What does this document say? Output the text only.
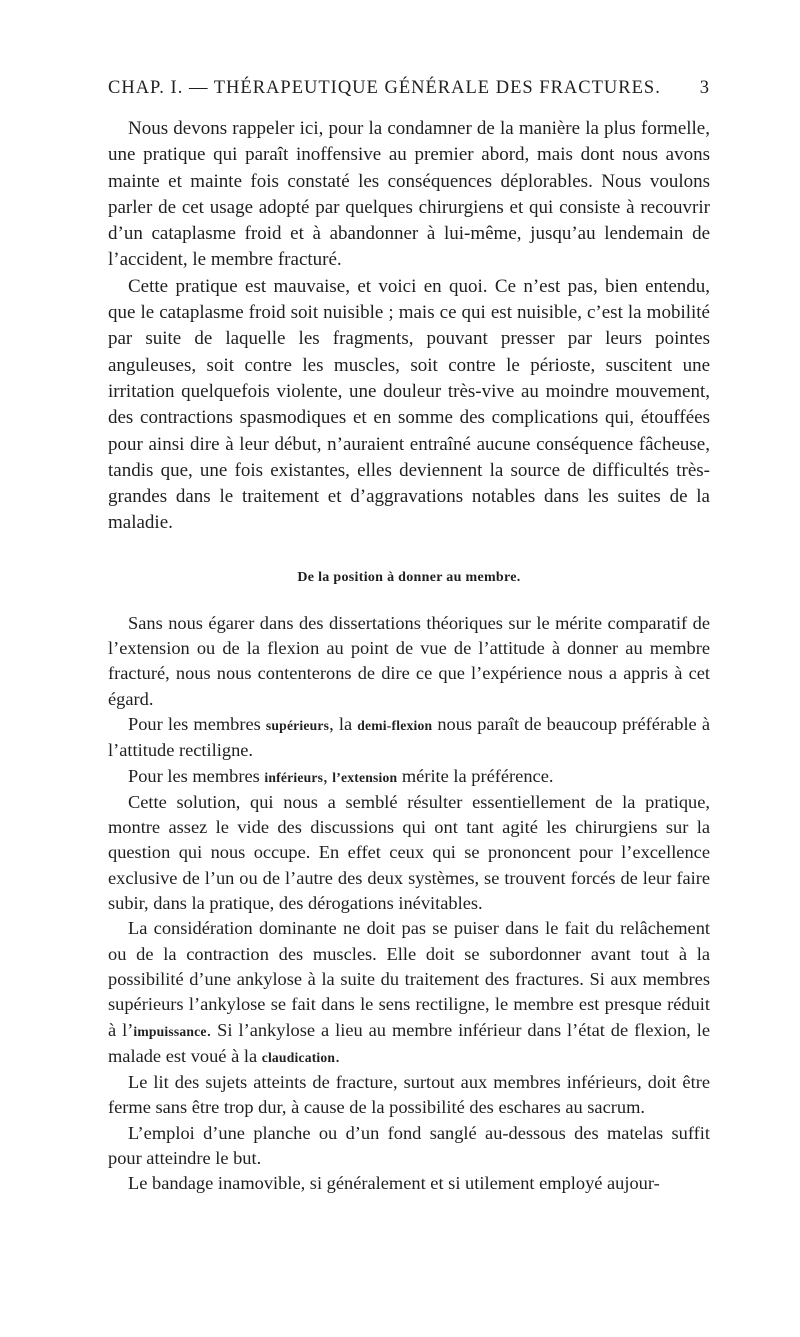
CHAP. I. — THÉRAPEUTIQUE GÉNÉRALE DES FRACTURES. 3

Nous devons rappeler ici, pour la condamner de la manière la plus formelle, une pratique qui paraît inoffensive au premier abord, mais dont nous avons mainte et mainte fois constaté les conséquences déplorables. Nous voulons parler de cet usage adopté par quelques chirurgiens et qui consiste à recouvrir d’un cataplasme froid et à abandonner à lui-même, jusqu’au lendemain de l’accident, le membre fracturé.

Cette pratique est mauvaise, et voici en quoi. Ce n’est pas, bien entendu, que le cataplasme froid soit nuisible ; mais ce qui est nuisible, c’est la mobilité par suite de laquelle les fragments, pouvant presser par leurs pointes anguleuses, soit contre les muscles, soit contre le périoste, suscitent une irritation quelquefois violente, une douleur très-vive au moindre mouvement, des contractions spasmodiques et en somme des complications qui, étouffées pour ainsi dire à leur début, n’auraient entraîné aucune conséquence fâcheuse, tandis que, une fois existantes, elles deviennent la source de difficultés très-grandes dans le traitement et d’aggravations notables dans les suites de la maladie.

De la position à donner au membre.

Sans nous égarer dans des dissertations théoriques sur le mérite comparatif de l’extension ou de la flexion au point de vue de l’attitude à donner au membre fracturé, nous nous contenterons de dire ce que l’expérience nous a appris à cet égard.

Pour les membres supérieurs, la demi-flexion nous paraît de beaucoup préférable à l’attitude rectiligne.

Pour les membres inférieurs, l’extension mérite la préférence.

Cette solution, qui nous a semblé résulter essentiellement de la pratique, montre assez le vide des discussions qui ont tant agité les chirurgiens sur la question qui nous occupe. En effet ceux qui se prononcent pour l’excellence exclusive de l’un ou de l’autre des deux systèmes, se trouvent forcés de leur faire subir, dans la pratique, des dérogations inévitables.

La considération dominante ne doit pas se puiser dans le fait du relâchement ou de la contraction des muscles. Elle doit se subordonner avant tout à la possibilité d’une ankylose à la suite du traitement des fractures. Si aux membres supérieurs l’ankylose se fait dans le sens rectiligne, le membre est presque réduit à l’impuissance. Si l’ankylose a lieu au membre inférieur dans l’état de flexion, le malade est voué à la claudication.

Le lit des sujets atteints de fracture, surtout aux membres inférieurs, doit être ferme sans être trop dur, à cause de la possibilité des eschares au sacrum.

L’emploi d’une planche ou d’un fond sanglé au-dessous des matelas suffit pour atteindre le but.

Le bandage inamovible, si généralement et si utilement employé aujour-
